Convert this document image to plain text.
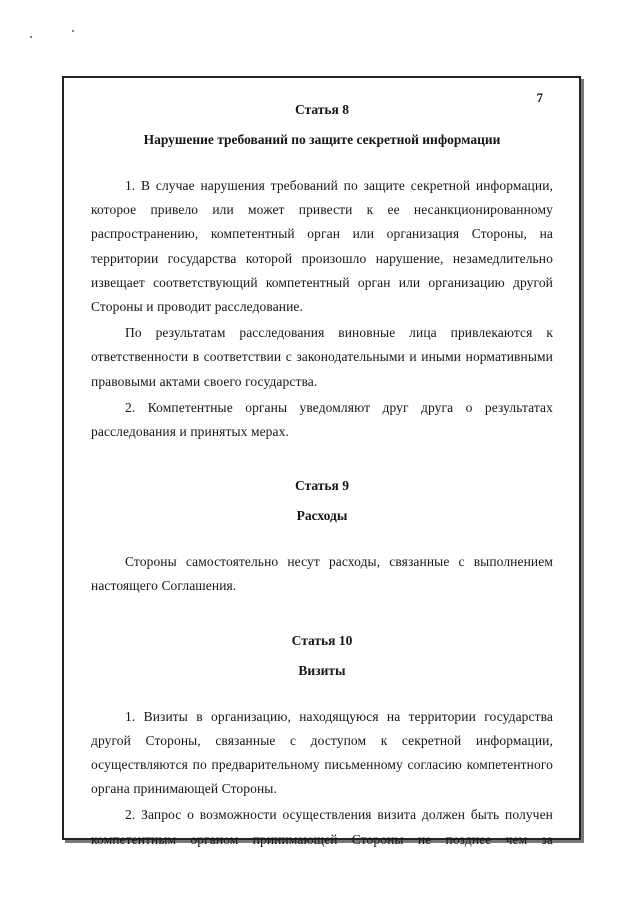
7

Статья 8

Нарушение требований по защите секретной информации

1. В случае нарушения требований по защите секретной информации, которое привело или может привести к ее несанкционированному распространению, компетентный орган или организация Стороны, на территории государства которой произошло нарушение, незамедлительно извещает соответствующий компетентный орган или организацию другой Стороны и проводит расследование.

По результатам расследования виновные лица привлекаются к ответственности в соответствии с законодательными и иными нормативными правовыми актами своего государства.

2. Компетентные органы уведомляют друг друга о результатах расследования и принятых мерах.

Статья 9

Расходы

Стороны самостоятельно несут расходы, связанные с выполнением настоящего Соглашения.

Статья 10

Визиты

1. Визиты в организацию, находящуюся на территории государства другой Стороны, связанные с доступом к секретной информации, осуществляются по предварительному письменному согласию компетентного органа принимающей Стороны.

2. Запрос о возможности осуществления визита должен быть получен компетентным органом принимающей Стороны не позднее чем за
